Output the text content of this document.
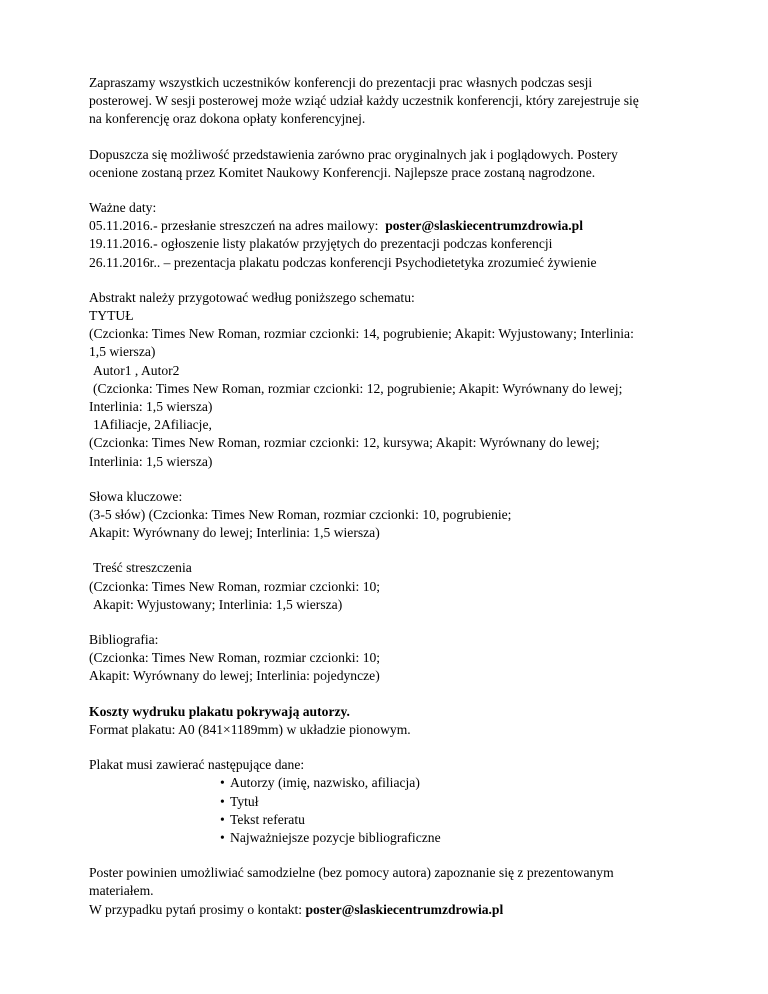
Zapraszamy wszystkich uczestników konferencji do prezentacji prac własnych podczas sesji

posterowej. W sesji posterowej może wziąć udział każdy uczestnik konferencji, który zarejestruje się

na konferencję oraz dokona opłaty konferencyjnej.

Dopuszcza się możliwość przedstawienia zarówno prac oryginalnych jak i poglądowych. Postery

ocenione zostaną przez Komitet Naukowy Konferencji. Najlepsze prace zostaną nagrodzone.

Ważne daty:

05.11.2016.- przesłanie streszczeń na adres mailowy: poster@slaskiecentrumzdrowia.pl

19.11.2016.- ogłoszenie listy plakatów przyjętych do prezentacji podczas konferencji

26.11.2016r.. – prezentacja plakatu podczas konferencji Psychodietetyka zrozumieć żywienie

Abstrakt należy przygotować według poniższego schematu:

TYTUŁ

(Czcionka: Times New Roman, rozmiar czcionki: 14, pogrubienie; Akapit: Wyjustowany; Interlinia:

1,5 wiersza)

Autor1 , Autor2

(Czcionka: Times New Roman, rozmiar czcionki: 12, pogrubienie; Akapit: Wyrównany do lewej;

Interlinia: 1,5 wiersza)

1Afiliacje, 2Afiliacje,

(Czcionka: Times New Roman, rozmiar czcionki: 12, kursywa; Akapit: Wyrównany do lewej;

Interlinia: 1,5 wiersza)

Słowa kluczowe:

(3-5 słów) (Czcionka: Times New Roman, rozmiar czcionki: 10, pogrubienie;

Akapit: Wyrównany do lewej; Interlinia: 1,5 wiersza)

Treść streszczenia

(Czcionka: Times New Roman, rozmiar czcionki: 10;

Akapit: Wyjustowany; Interlinia: 1,5 wiersza)

Bibliografia:

(Czcionka: Times New Roman, rozmiar czcionki: 10;

Akapit: Wyrównany do lewej; Interlinia: pojedyncze)

Koszty wydruku plakatu pokrywają autorzy.

Format plakatu: A0 (841×1189mm) w układzie pionowym.

Plakat musi zawierać następujące dane:

• Autorzy (imię, nazwisko, afiliacja)
• Tytuł
• Tekst referatu
• Najważniejsze pozycje bibliograficzne

Poster powinien umożliwiać samodzielne (bez pomocy autora) zapoznanie się z prezentowanym

materiałem.

W przypadku pytań prosimy o kontakt: poster@slaskiecentrumzdrowia.pl
